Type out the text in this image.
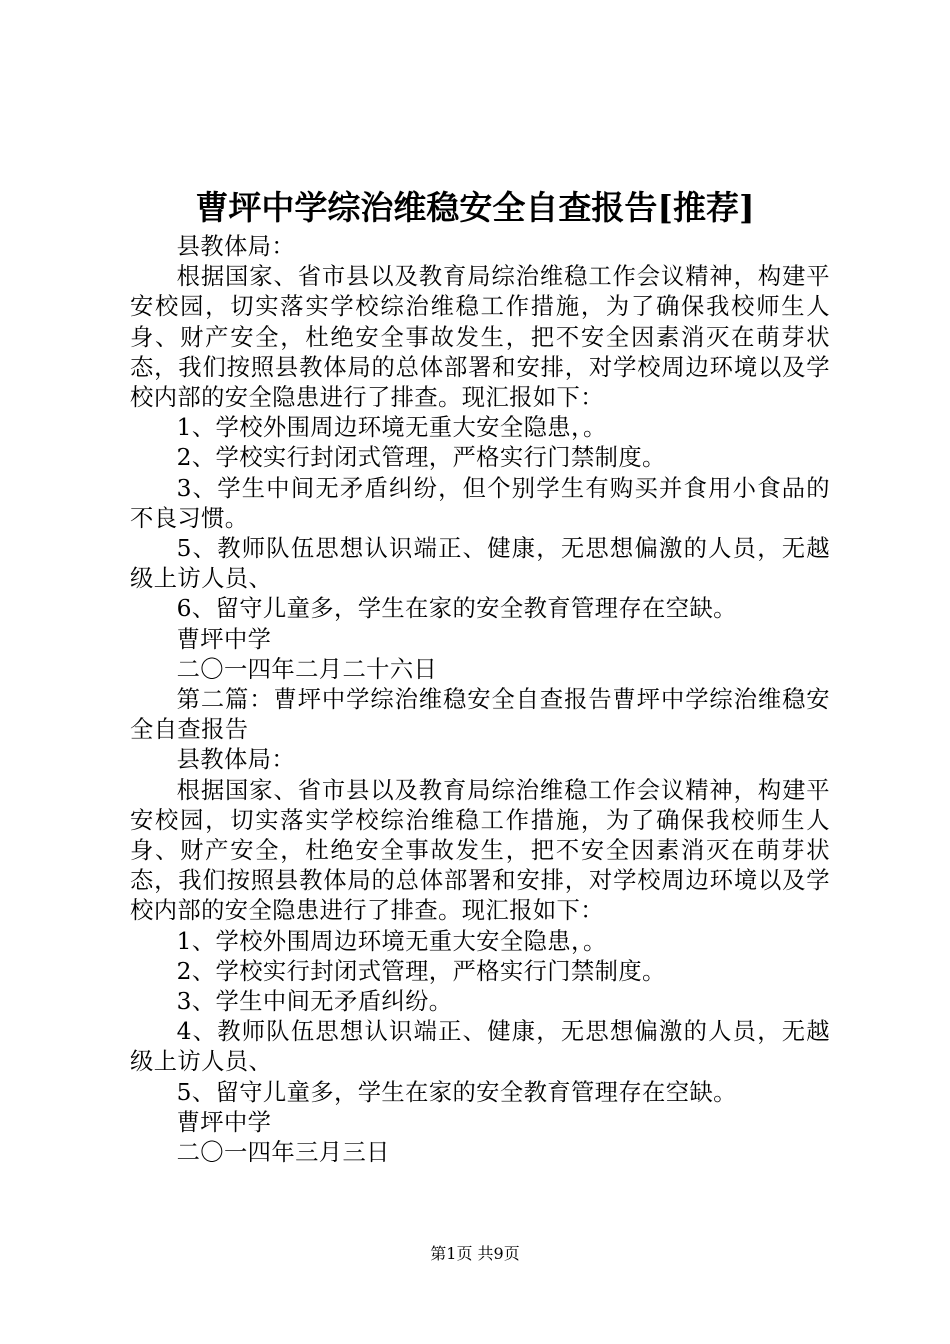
曹坪中学综治维稳安全自查报告[推荐]

县教体局：

根据国家、省市县以及教育局综治维稳工作会议精神，构建平安校园，切实落实学校综治维稳工作措施，为了确保我校师生人身、财产安全，杜绝安全事故发生，把不安全因素消灭在萌芽状态，我们按照县教体局的总体部署和安排，对学校周边环境以及学校内部的安全隐患进行了排查。现汇报如下：

1、学校外围周边环境无重大安全隐患，。

2、学校实行封闭式管理，严格实行门禁制度。

3、学生中间无矛盾纠纷，但个别学生有购买并食用小食品的不良习惯。

5、教师队伍思想认识端正、健康，无思想偏激的人员，无越级上访人员、

6、留守儿童多，学生在家的安全教育管理存在空缺。

曹坪中学

二〇一四年二月二十六日

第二篇：曹坪中学综治维稳安全自查报告曹坪中学综治维稳安全自查报告

县教体局：

根据国家、省市县以及教育局综治维稳工作会议精神，构建平安校园，切实落实学校综治维稳工作措施，为了确保我校师生人身、财产安全，杜绝安全事故发生，把不安全因素消灭在萌芽状态，我们按照县教体局的总体部署和安排，对学校周边环境以及学校内部的安全隐患进行了排查。现汇报如下：

1、学校外围周边环境无重大安全隐患，。

2、学校实行封闭式管理，严格实行门禁制度。

3、学生中间无矛盾纠纷。

4、教师队伍思想认识端正、健康，无思想偏激的人员，无越级上访人员、

5、留守儿童多，学生在家的安全教育管理存在空缺。

曹坪中学

二〇一四年三月三日

第1页 共9页
